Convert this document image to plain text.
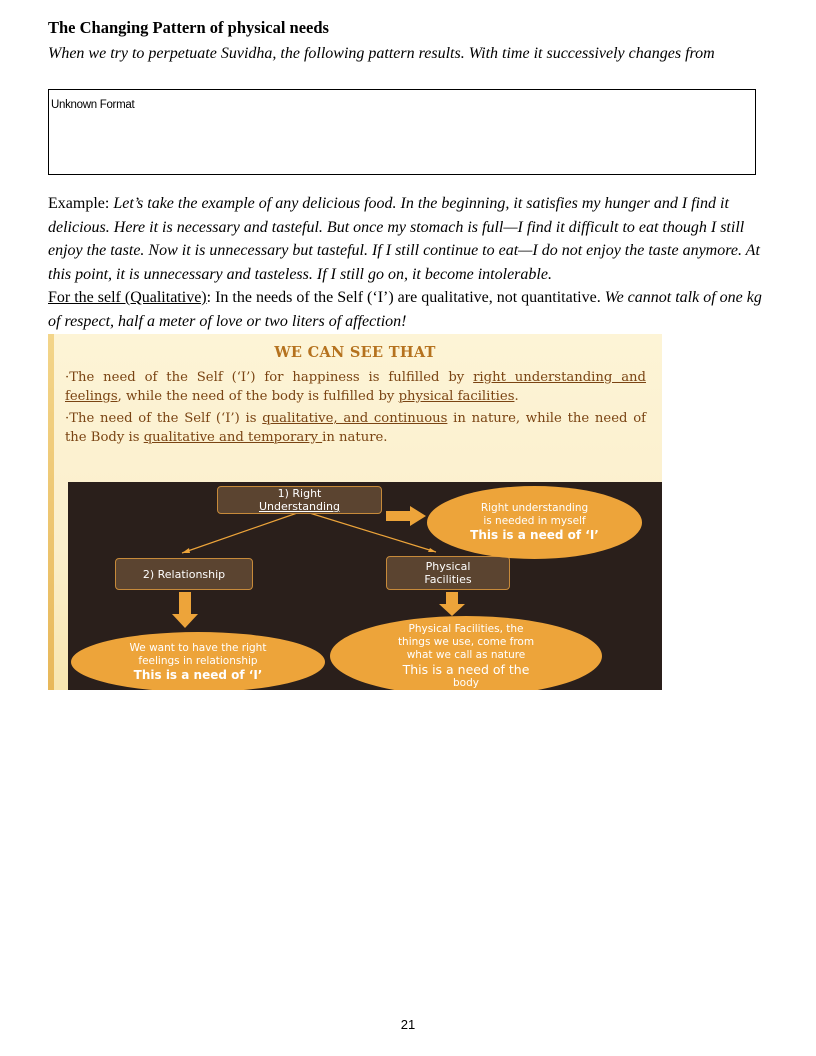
The Changing Pattern of physical needs
When we try to perpetuate Suvidha, the following pattern results. With time it successively changes from
Unknown Format

Example: Let’s take the example of any delicious food. In the beginning, it satisfies my hunger and I find it delicious. Here it is necessary and tasteful. But once my stomach is full—I find it difficult to eat though I still enjoy the taste. Now it is unnecessary but tasteful. If I still continue to eat—I do not enjoy the taste anymore. At this point, it is unnecessary and tasteless. If I still go on, it become intolerable.

For the self (Qualitative): In the needs of the Self (‘I’) are qualitative, not quantitative. We cannot talk of one kg of respect, half a meter of love or two liters of affection!

WE CAN SEE THAT

·The need of the Self (‘I’) for happiness is fulfilled by right understanding and feelings, while the need of the body is fulfilled by physical facilities.

·The need of the Self (‘I’) is qualitative, and continuous in nature, while the need of the Body is qualitative and temporary in nature.

1) Right
Understanding
2) Relationship
Physical
Facilities
Right understanding
is needed in myself
This is a need of ‘I’
We want to have the right
feelings in relationship
This is a need of ‘I’
Physical Facilities, the
things we use, come from
what we call as nature
This is a need of the
body
21
